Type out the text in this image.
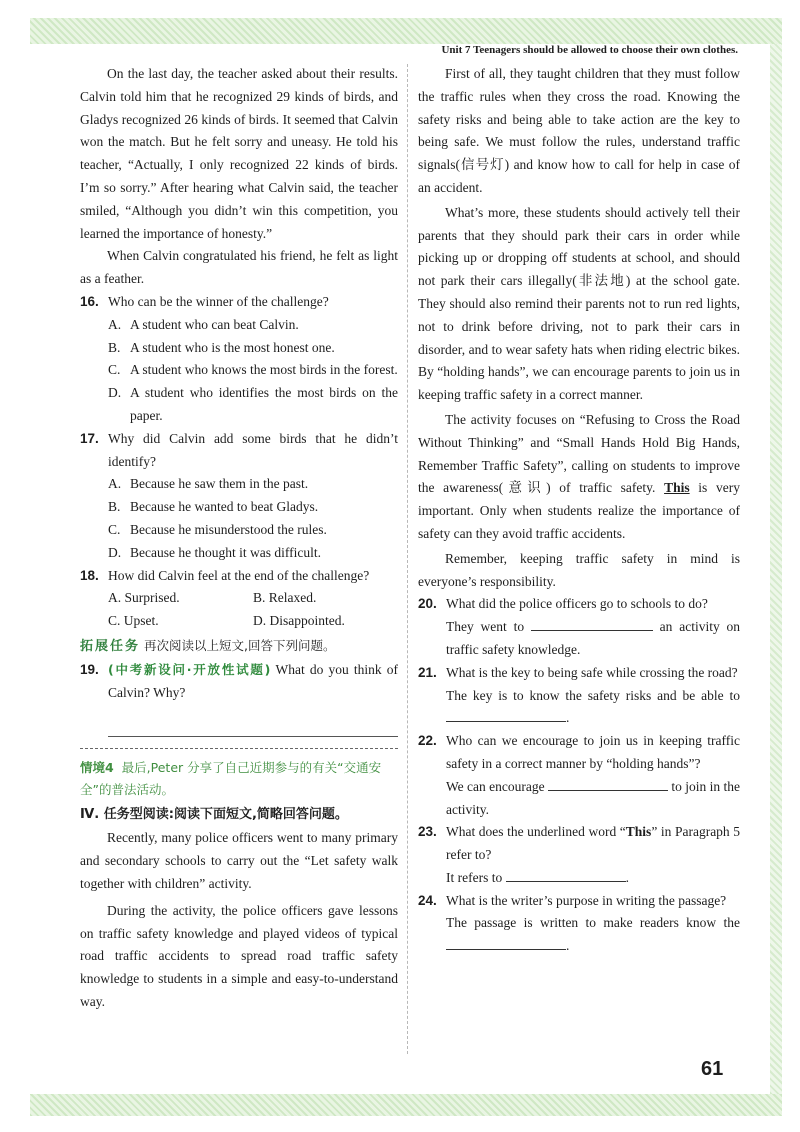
Unit 7 Teenagers should be allowed to choose their own clothes.

On the last day, the teacher asked about their results. Calvin told him that he recognized 29 kinds of birds, and Gladys recognized 26 kinds of birds. It seemed that Calvin won the match. But he felt sorry and uneasy. He told his teacher, “Actually, I only recognized 22 kinds of birds. I’m so sorry.” After hearing what Calvin said, the teacher smiled, “Although you didn’t win this competition, you learned the importance of honesty.”

When Calvin congratulated his friend, he felt as light as a feather.

16. Who can be the winner of the challenge?
A. A student who can beat Calvin.
B. A student who is the most honest one.
C. A student who knows the most birds in the forest.
D. A student who identifies the most birds on the paper.
17. Why did Calvin add some birds that he didn’t identify?
A. Because he saw them in the past.
B. Because he wanted to beat Gladys.
C. Because he misunderstood the rules.
D. Because he thought it was difficult.
18. How did Calvin feel at the end of the challenge?
A. Surprised.	B. Relaxed.
C. Upset.	D. Disappointed.
拓展任务 再次阅读以上短文,回答下列问题。
19. (中考新设问·开放性试题) What do you think of Calvin? Why?
情境4 最后,Peter 分享了自己近期参与的有关“交通安全”的普法活动。
Ⅳ. 任务型阅读:阅读下面短文,简略回答问题。

Recently, many police officers went to many primary and secondary schools to carry out the “Let safety walk together with children” activity.

During the activity, the police officers gave lessons on traffic safety knowledge and played videos of typical road traffic accidents to spread road traffic safety knowledge to students in a simple and easy-to-understand way.

First of all, they taught children that they must follow the traffic rules when they cross the road. Knowing the safety risks and being able to take action are the key to being safe. We must follow the rules, understand traffic signals(信号灯) and know how to call for help in case of an accident.

What’s more, these students should actively tell their parents that they should park their cars in order while picking up or dropping off students at school, and should not park their cars illegally(非法地) at the school gate. They should also remind their parents not to run red lights, not to drink before driving, not to park their cars in disorder, and to wear safety hats when riding electric bikes. By “holding hands”, we can encourage parents to join us in keeping traffic safety in a correct manner.

The activity focuses on “Refusing to Cross the Road Without Thinking” and “Small Hands Hold Big Hands, Remember Traffic Safety”, calling on students to improve the awareness(意识) of traffic safety. This is very important. Only when students realize the importance of safety can they avoid traffic accidents.

Remember, keeping traffic safety in mind is everyone’s responsibility.

20. What did the police officers go to schools to do?
They went to	an activity on traffic safety knowledge.
21. What is the key to being safe while crossing the road?
The key is to know the safety risks and be able to .
22. Who can we encourage to join us in keeping traffic safety in a correct manner by “holding hands”?
We can encourage	to join in the activity.
23. What does the underlined word “This” in Paragraph 5 refer to?
It refers to	.
24. What is the writer’s purpose in writing the passage?
The passage is written to make readers know the .
61
